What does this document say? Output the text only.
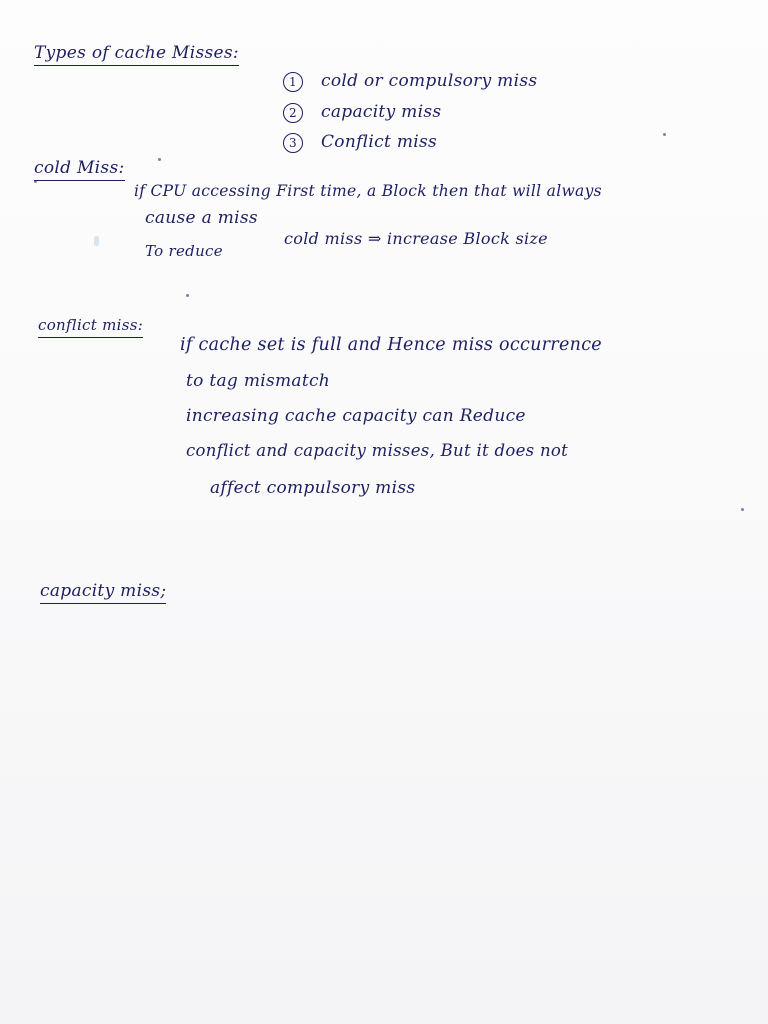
Types of cache Misses:
1 cold or compulsory miss
2 capacity miss
3 Conflict miss
cold Miss:
if CPU accessing First time, a Block then that will always
cause a miss
To reduce
cold miss ⇒ increase Block size
conflict miss:
if cache set is full and Hence miss occurrence
to tag mismatch
increasing cache capacity can Reduce
conflict and capacity misses, But it does not
affect compulsory miss
capacity miss;
